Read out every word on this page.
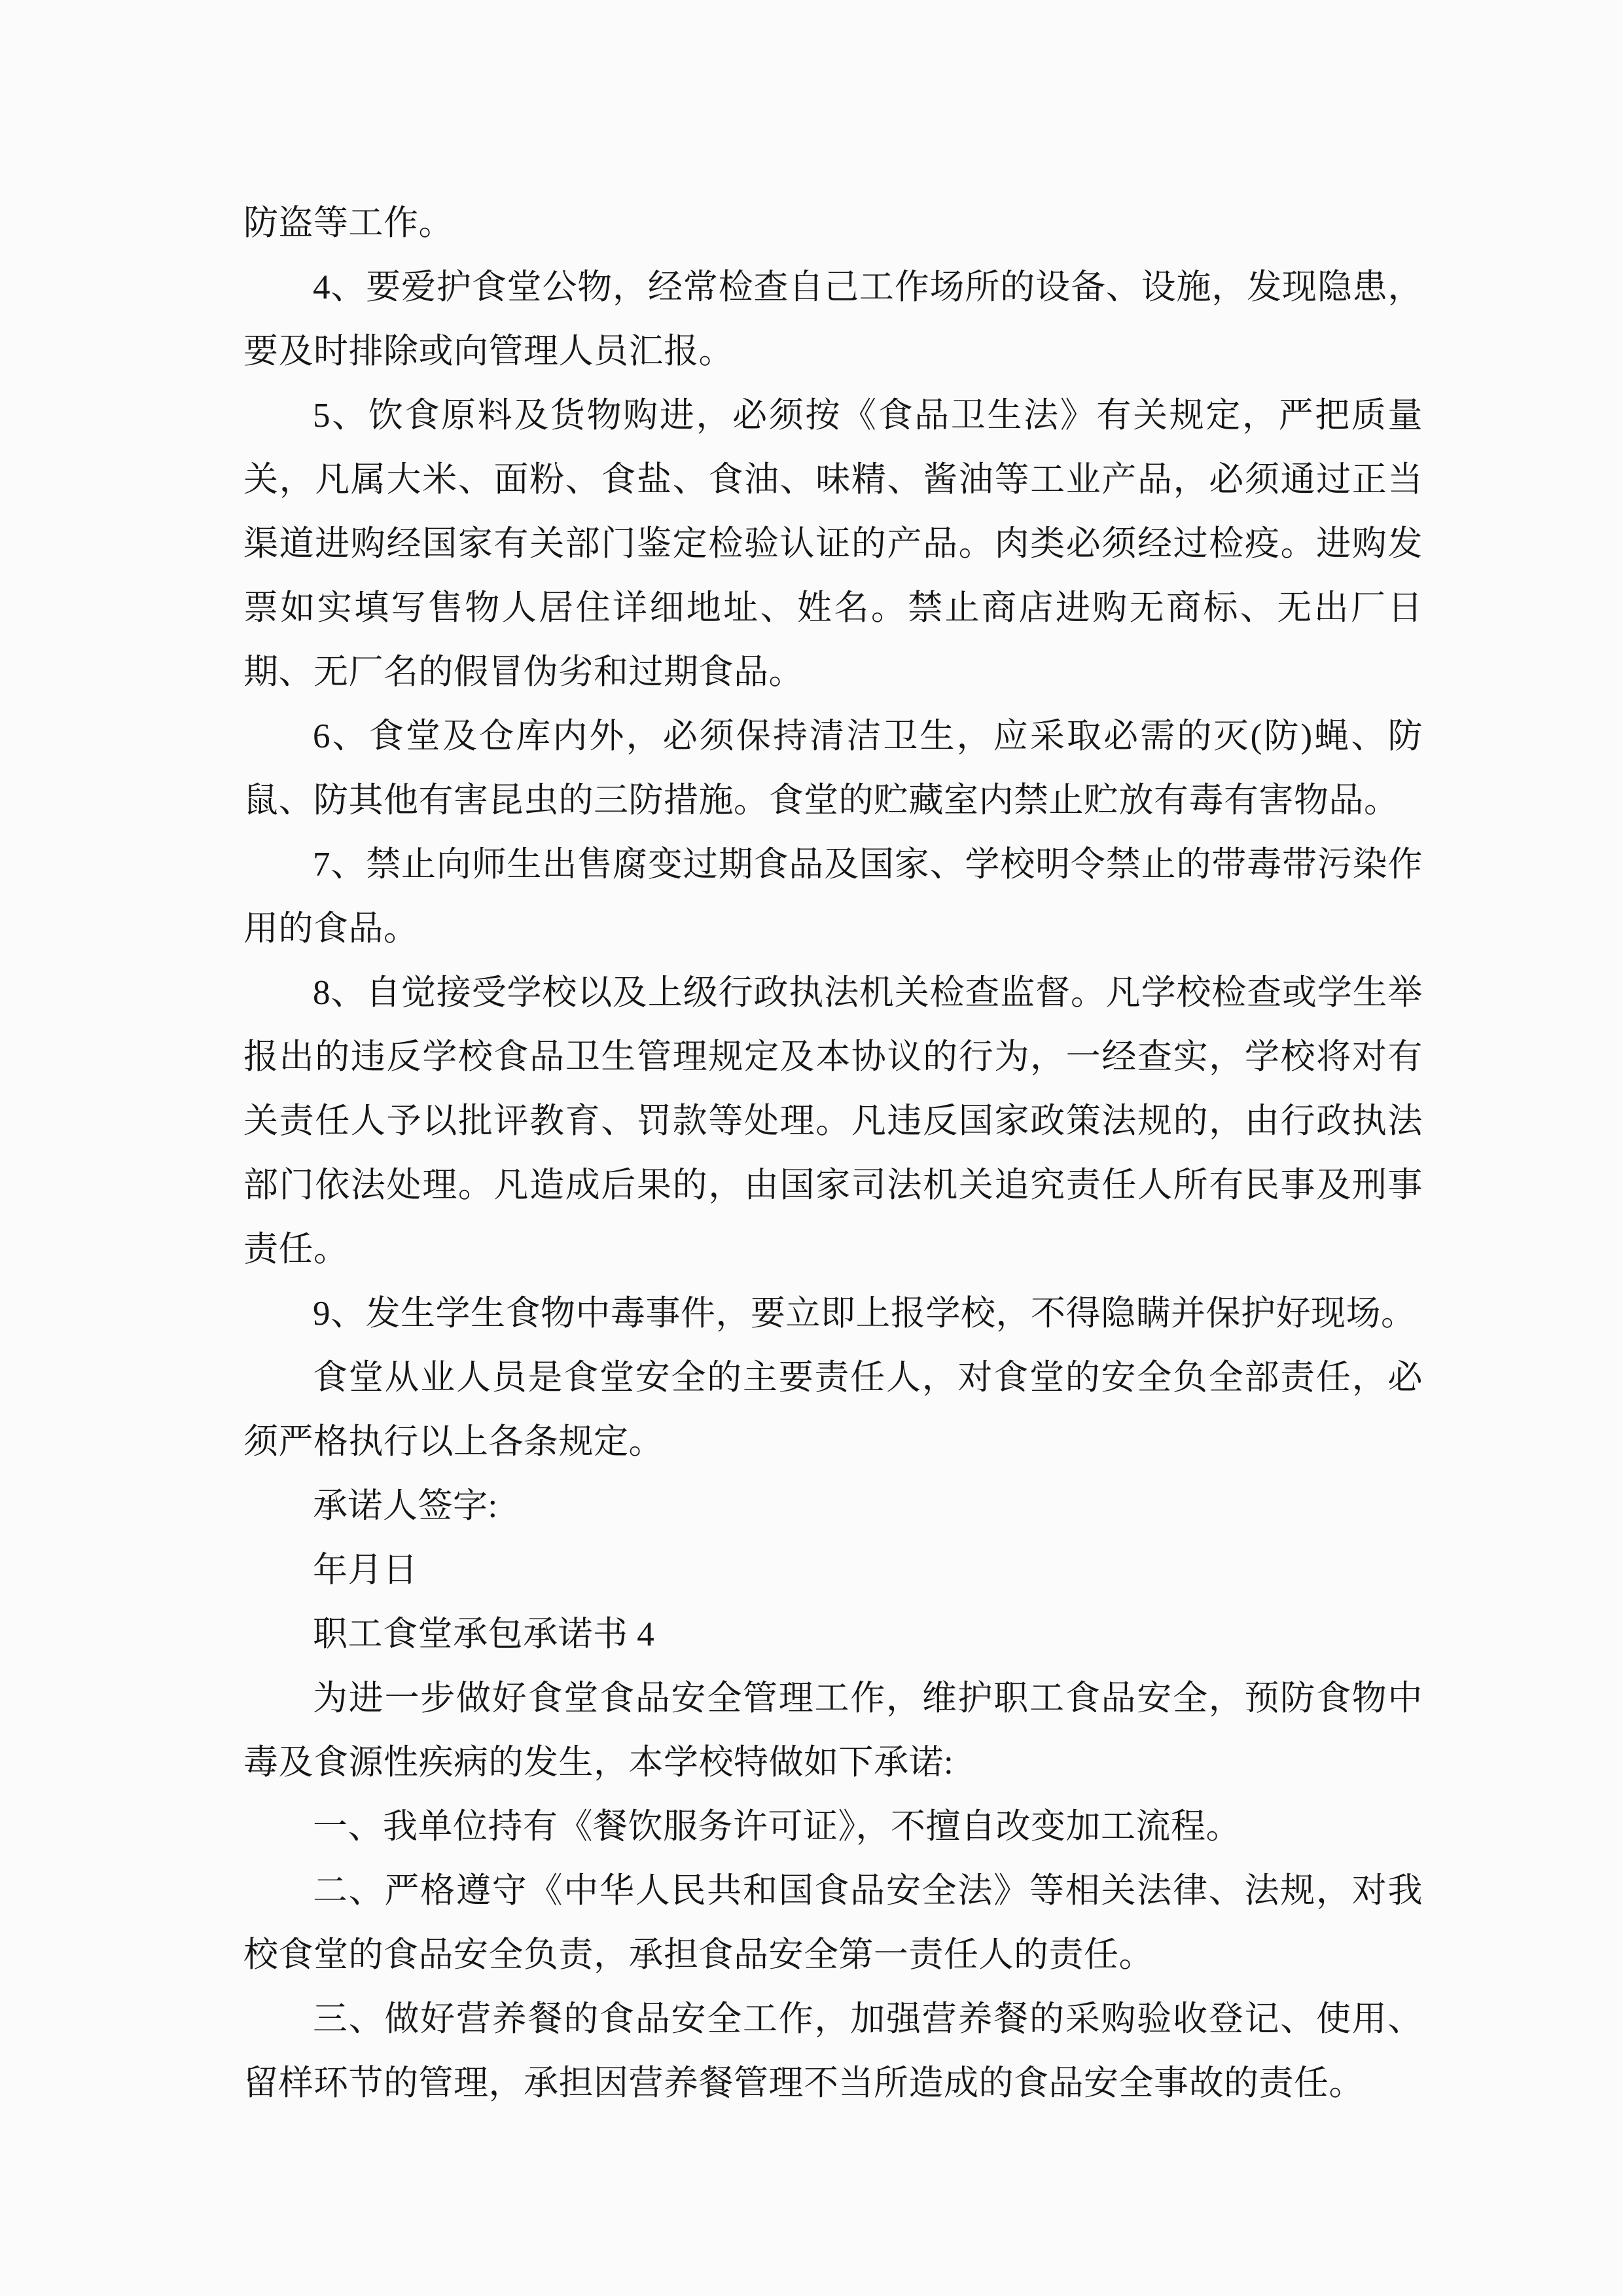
防盗等工作。

4、要爱护食堂公物，经常检查自己工作场所的设备、设施，发现隐患，要及时排除或向管理人员汇报。

5、饮食原料及货物购进，必须按《食品卫生法》有关规定，严把质量关，凡属大米、面粉、食盐、食油、味精、酱油等工业产品，必须通过正当渠道进购经国家有关部门鉴定检验认证的产品。肉类必须经过检疫。进购发票如实填写售物人居住详细地址、姓名。禁止商店进购无商标、无出厂日期、无厂名的假冒伪劣和过期食品。

6、食堂及仓库内外，必须保持清洁卫生，应采取必需的灭(防)蝇、防鼠、防其他有害昆虫的三防措施。食堂的贮藏室内禁止贮放有毒有害物品。

7、禁止向师生出售腐变过期食品及国家、学校明令禁止的带毒带污染作用的食品。

8、自觉接受学校以及上级行政执法机关检查监督。凡学校检查或学生举报出的违反学校食品卫生管理规定及本协议的行为，一经查实，学校将对有关责任人予以批评教育、罚款等处理。凡违反国家政策法规的，由行政执法部门依法处理。凡造成后果的，由国家司法机关追究责任人所有民事及刑事责任。

9、发生学生食物中毒事件，要立即上报学校，不得隐瞒并保护好现场。

食堂从业人员是食堂安全的主要责任人，对食堂的安全负全部责任，必须严格执行以上各条规定。

承诺人签字:

年月日

职工食堂承包承诺书 4

为进一步做好食堂食品安全管理工作，维护职工食品安全，预防食物中毒及食源性疾病的发生，本学校特做如下承诺:

一、我单位持有《餐饮服务许可证》，不擅自改变加工流程。

二、严格遵守《中华人民共和国食品安全法》等相关法律、法规，对我校食堂的食品安全负责，承担食品安全第一责任人的责任。

三、做好营养餐的食品安全工作，加强营养餐的采购验收登记、使用、留样环节的管理，承担因营养餐管理不当所造成的食品安全事故的责任。
